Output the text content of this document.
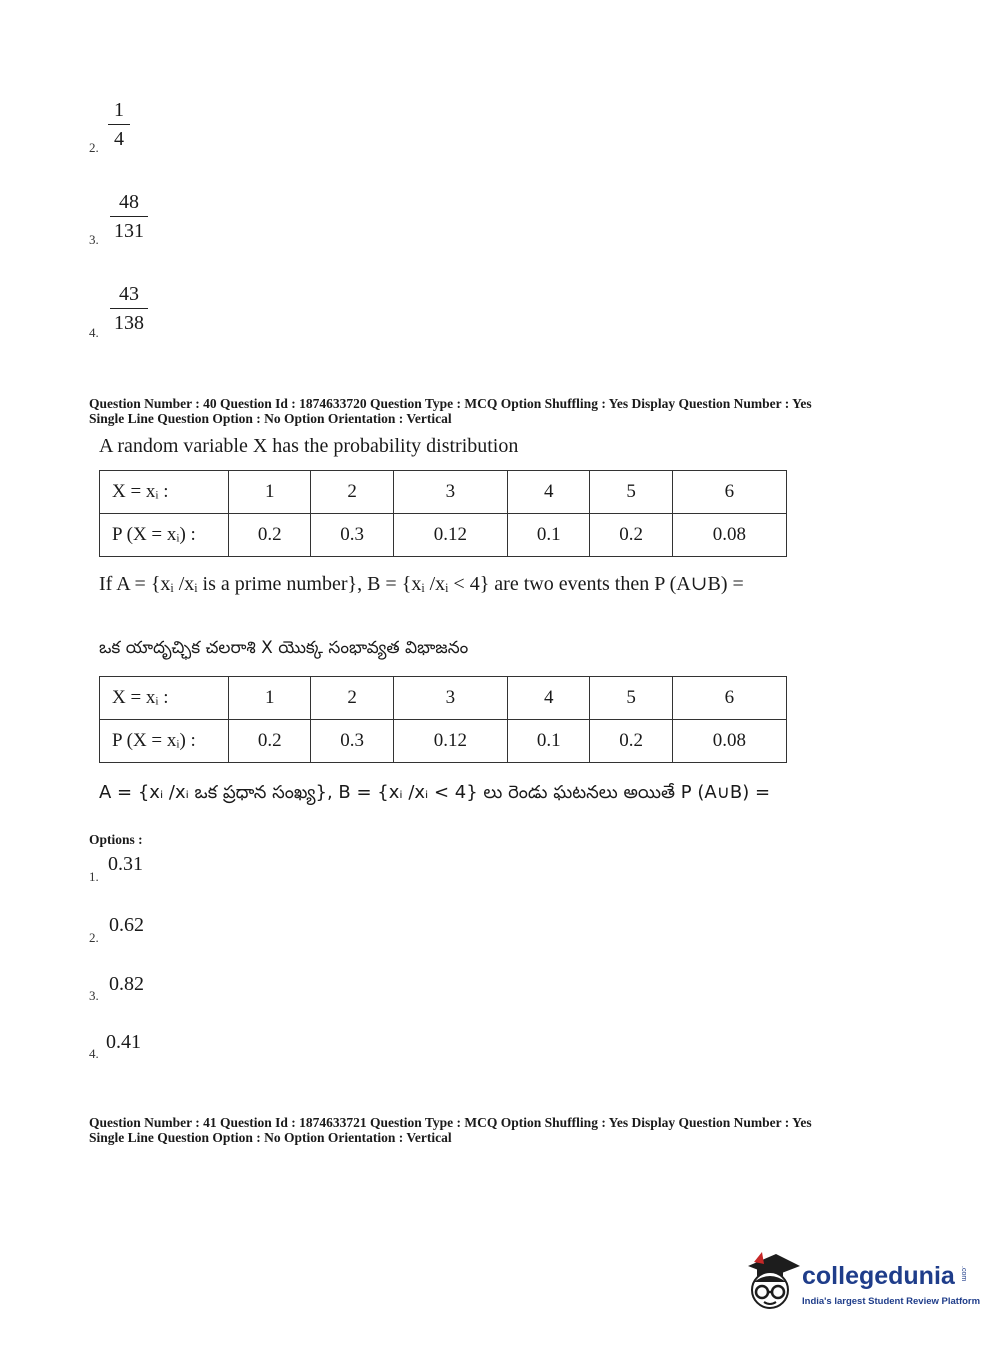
2.
1
4
3.
48
131
4.
43
138
Question Number : 40 Question Id : 1874633720 Question Type : MCQ Option Shuffling : Yes Display Question Number : Yes
Single Line Question Option : No Option Orientation : Vertical
A random variable X has the probability distribution
X = xᵢ :	1	2	3	4	5	6
P (X = xᵢ) :	0.2	0.3	0.12	0.1	0.2	0.08
If A = {xᵢ /xᵢ is a prime number}, B = {xᵢ /xᵢ < 4} are two events then P (A∪B) =
ఒక యాదృచ్ఛిక చలరాశి X యొక్క సంభావ్యత విభాజనం
X = xᵢ :	1	2	3	4	5	6
P (X = xᵢ) :	0.2	0.3	0.12	0.1	0.2	0.08
A = {xᵢ /xᵢ ఒక ప్రధాన సంఖ్య}, B = {xᵢ /xᵢ < 4} లు రెండు ఘటనలు అయితే P (A∪B) =
Options :
1.
0.31
2.
0.62
3.
0.82
4.
0.41
Question Number : 41 Question Id : 1874633721 Question Type : MCQ Option Shuffling : Yes Display Question Number : Yes
Single Line Question Option : No Option Orientation : Vertical
collegedunia .com
India's largest Student Review Platform
